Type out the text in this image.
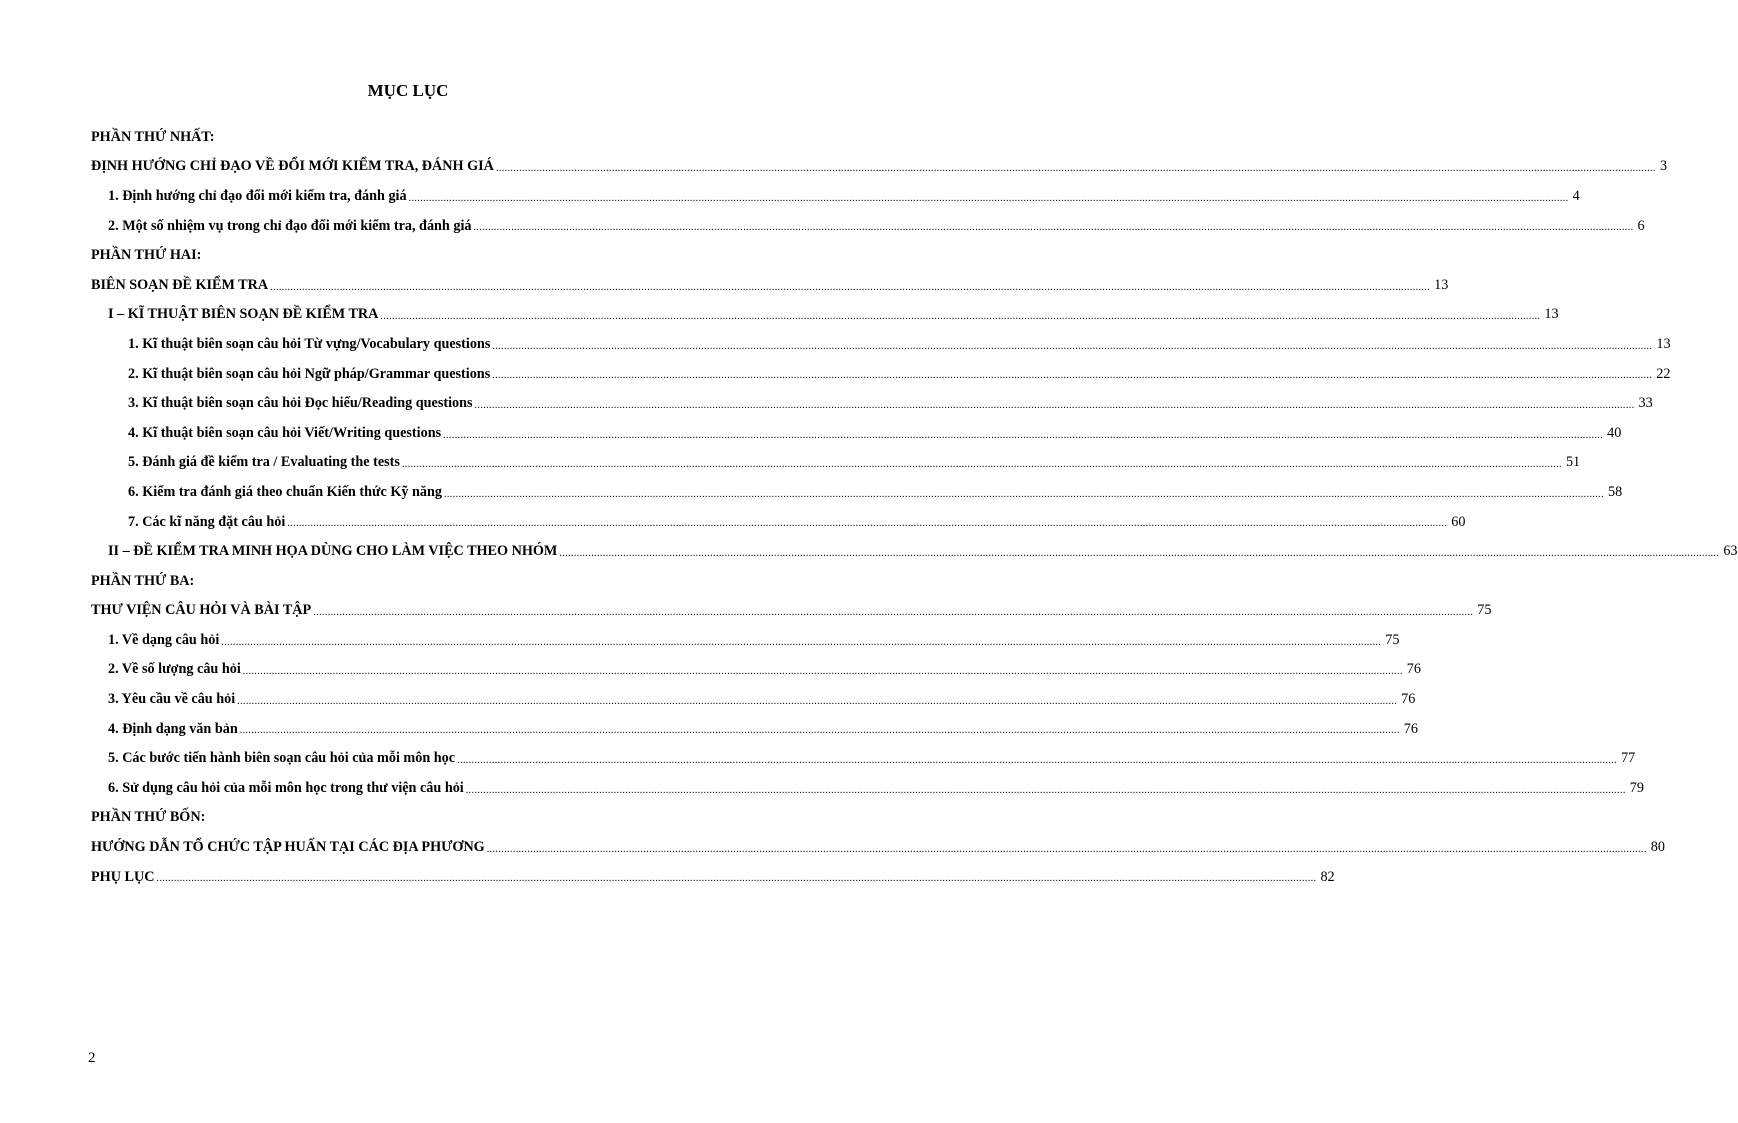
MỤC LỤC
PHẦN THỨ NHẤT:
ĐỊNH HƯỚNG CHỈ ĐẠO VỀ ĐỔI MỚI KIỂM TRA, ĐÁNH GIÁ ................................................................................................................................................................................................................................................................................................................................................................................................................ 3
1. Định hướng chỉ đạo đổi mới kiểm tra, đánh giá ................................................................................................................................................................................................................................................................................................................................................................................................................ 4
2. Một số nhiệm vụ trong chỉ đạo đổi mới kiểm tra, đánh giá ................................................................................................................................................................................................................................................................................................................................................................................................................ 6
PHẦN THỨ HAI:
BIÊN SOẠN ĐỀ KIỂM TRA ................................................................................................................................................................................................................................................................................................................................................................................................................ 13
I – KĨ THUẬT BIÊN SOẠN ĐỀ KIỂM TRA ................................................................................................................................................................................................................................................................................................................................................................................................................ 13
1. Kĩ thuật biên soạn câu hỏi Từ vựng/Vocabulary questions ................................................................................................................................................................................................................................................................................................................................................................................................................ 13
2. Kĩ thuật biên soạn câu hỏi Ngữ pháp/Grammar questions ................................................................................................................................................................................................................................................................................................................................................................................................................ 22
3. Kĩ thuật biên soạn câu hỏi Đọc hiểu/Reading questions ................................................................................................................................................................................................................................................................................................................................................................................................................ 33
4. Kĩ thuật biên soạn câu hỏi Viết/Writing questions ................................................................................................................................................................................................................................................................................................................................................................................................................ 40
5. Đánh giá đề kiểm tra / Evaluating the tests ................................................................................................................................................................................................................................................................................................................................................................................................................ 51
6. Kiểm tra đánh giá theo chuẩn Kiến thức Kỹ năng ................................................................................................................................................................................................................................................................................................................................................................................................................ 58
7. Các kĩ năng đặt câu hỏi ................................................................................................................................................................................................................................................................................................................................................................................................................ 60
II – ĐỀ KIỂM TRA MINH HỌA DÙNG CHO LÀM VIỆC THEO NHÓM ................................................................................................................................................................................................................................................................................................................................................................................................................ 63
PHẦN THỨ BA:
THƯ VIỆN CÂU HỎI VÀ BÀI TẬP ................................................................................................................................................................................................................................................................................................................................................................................................................ 75
1. Về dạng câu hỏi ................................................................................................................................................................................................................................................................................................................................................................................................................ 75
2. Về số lượng câu hỏi ................................................................................................................................................................................................................................................................................................................................................................................................................ 76
3. Yêu cầu về câu hỏi ................................................................................................................................................................................................................................................................................................................................................................................................................ 76
4. Định dạng văn bản ................................................................................................................................................................................................................................................................................................................................................................................................................ 76
5. Các bước tiến hành biên soạn câu hỏi của mỗi môn học ................................................................................................................................................................................................................................................................................................................................................................................................................ 77
6. Sử dụng câu hỏi của mỗi môn học trong thư viện câu hỏi ................................................................................................................................................................................................................................................................................................................................................................................................................ 79
PHẦN THỨ BỐN:
HƯỚNG DẪN TỔ CHỨC TẬP HUẤN TẠI CÁC ĐỊA PHƯƠNG ................................................................................................................................................................................................................................................................................................................................................................................................................ 80
PHỤ LỤC ................................................................................................................................................................................................................................................................................................................................................................................................................ 82
2
